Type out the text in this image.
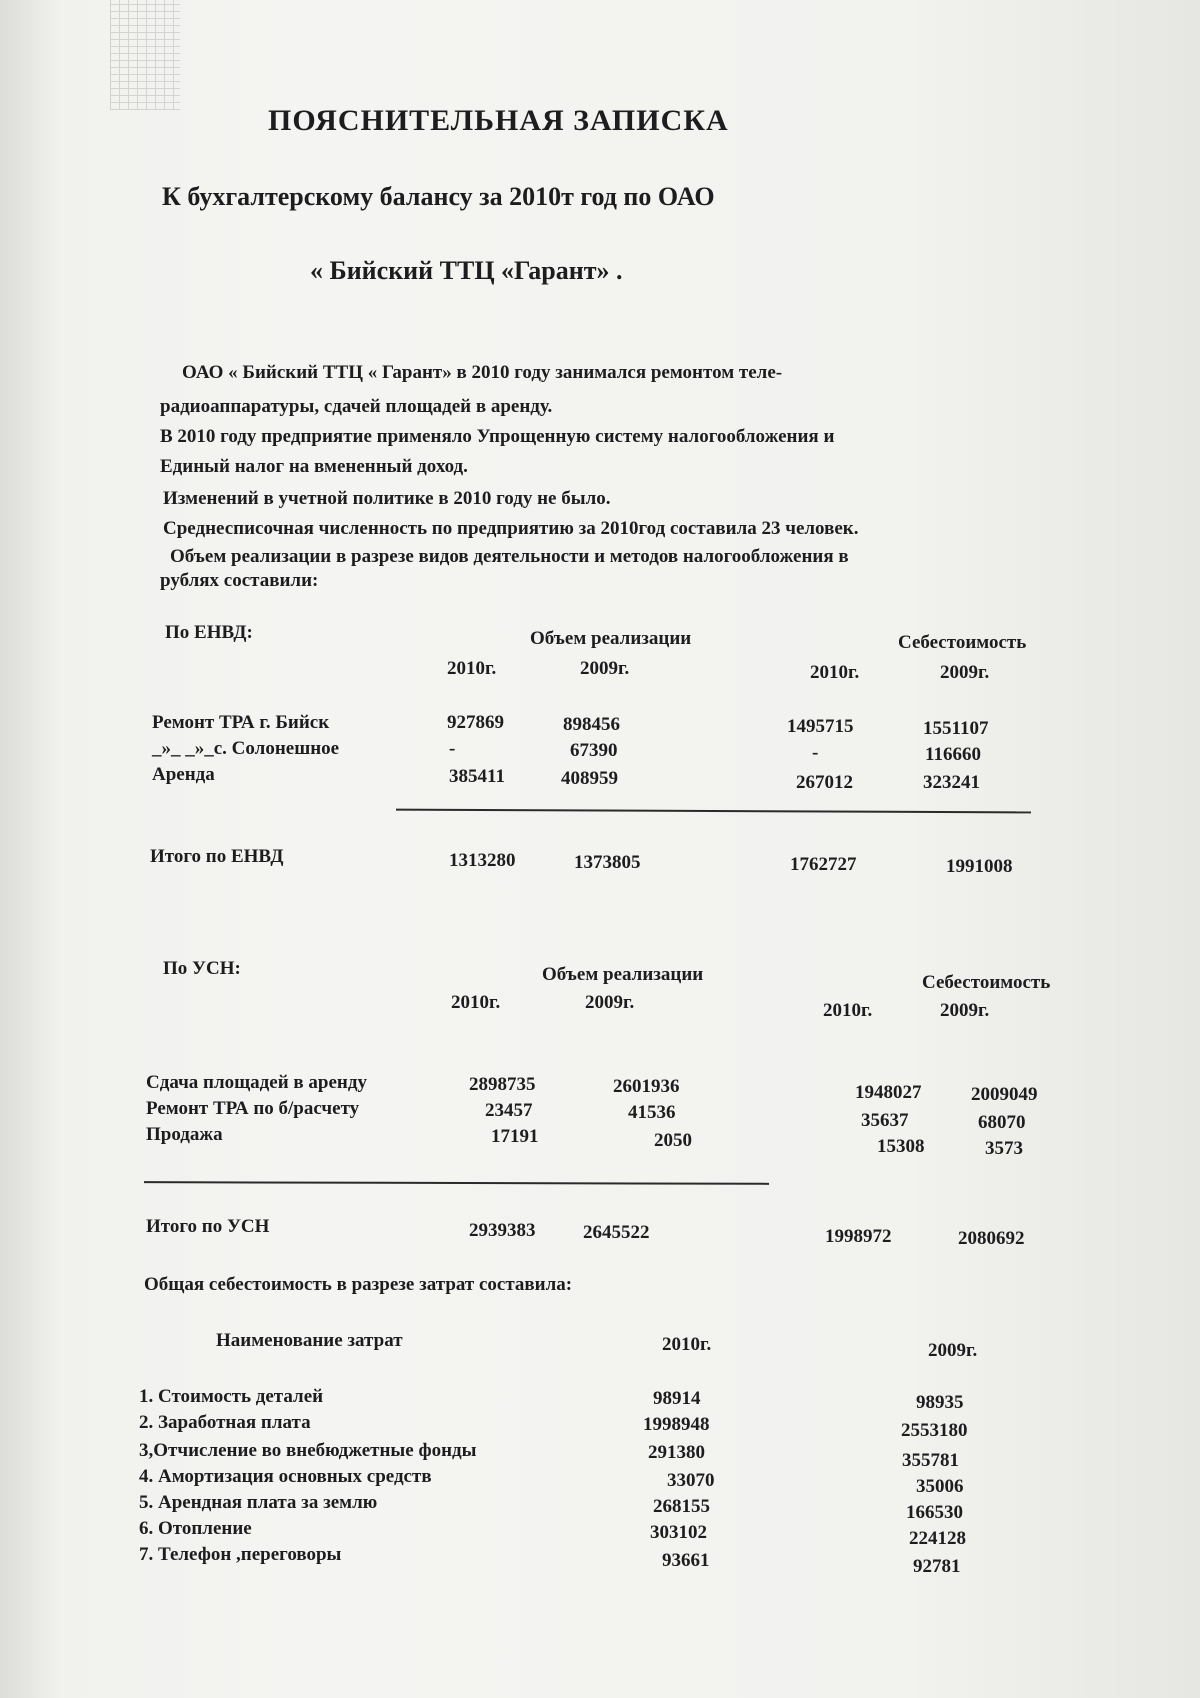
ПОЯСНИТЕЛЬНАЯ ЗАПИСКА
К бухгалтерскому балансу за 2010т год по ОАО
« Бийский ТТЦ «Гарант» .
ОАО « Бийский ТТЦ « Гарант» в 2010 году занимался ремонтом теле-
радиоаппаратуры, сдачей площадей в аренду.
В 2010 году предприятие применяло Упрощенную систему налогообложения и
Единый налог на вмененный доход.
Изменений в учетной политике в 2010 году не было.
Среднесписочная численность по предприятию за 2010год составила 23 человек.
Объем реализации в разрезе видов деятельности и методов налогообложения в
рублях составили:
По ЕНВД:	Объем реализации	Себестоимость
2010г.	2009г.	2010г.	2009г.
Ремонт ТРА г. Бийск	927869	898456	1495715	1551107
_»_ _»_с. Солонешное	-	67390	-	116660
Аренда	385411	408959	267012	323241
Итого по ЕНВД	1313280	1373805	1762727	1991008
По УСН:	Объем реализации	Себестоимость
2010г.	2009г.	2010г.	2009г.
Сдача площадей в аренду	2898735	2601936	1948027	2009049
Ремонт ТРА по б/расчету	23457	41536	35637	68070
Продажа	17191	2050	15308	3573
Итого по УСН	2939383	2645522	1998972	2080692
Общая себестоимость в разрезе затрат составила:
Наименование затрат	2010г.	2009г.
1. Стоимость деталей	98914	98935
2. Заработная плата	1998948	2553180
3,Отчисление во внебюджетные фонды	291380	355781
4. Амортизация основных средств	33070	35006
5. Арендная плата за землю	268155	166530
6. Отопление	303102	224128
7. Телефон ,переговоры	93661	92781
